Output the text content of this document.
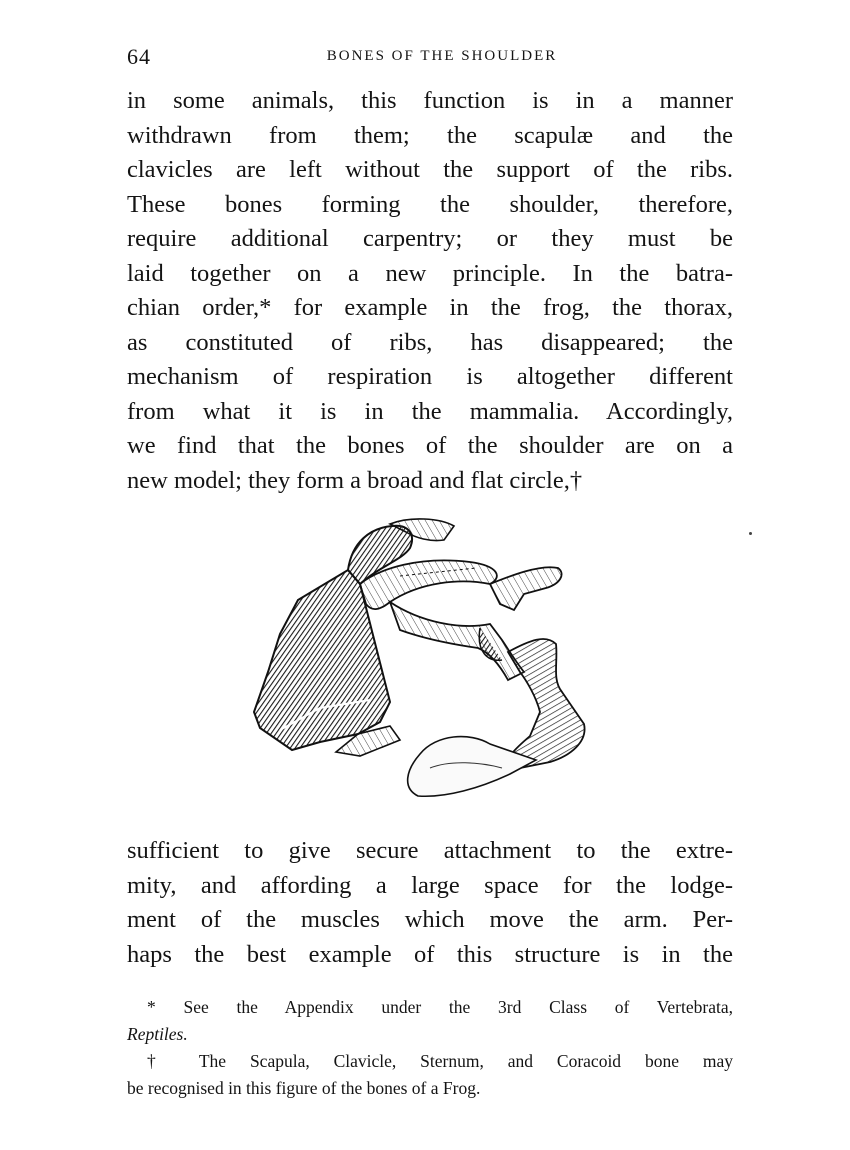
64	BONES OF THE SHOULDER
in some animals, this function is in a manner
withdrawn from them; the scapulæ and the
clavicles are left without the support of the ribs.
These bones forming the shoulder, therefore,
require additional carpentry; or they must be
laid together on a new principle. In the batra-
chian order,* for example in the frog, the thorax,
as constituted of ribs, has disappeared; the
mechanism of respiration is altogether different
from what it is in the mammalia. Accordingly,
we find that the bones of the shoulder are on a
new model; they form a broad and flat circle,†
sufficient to give secure attachment to the extre-
mity, and affording a large space for the lodge-
ment of the muscles which move the arm. Per-
haps the best example of this structure is in the
* See the Appendix under the 3rd Class of Vertebrata,
Reptiles.
† The Scapula, Clavicle, Sternum, and Coracoid bone may
be recognised in this figure of the bones of a Frog.
